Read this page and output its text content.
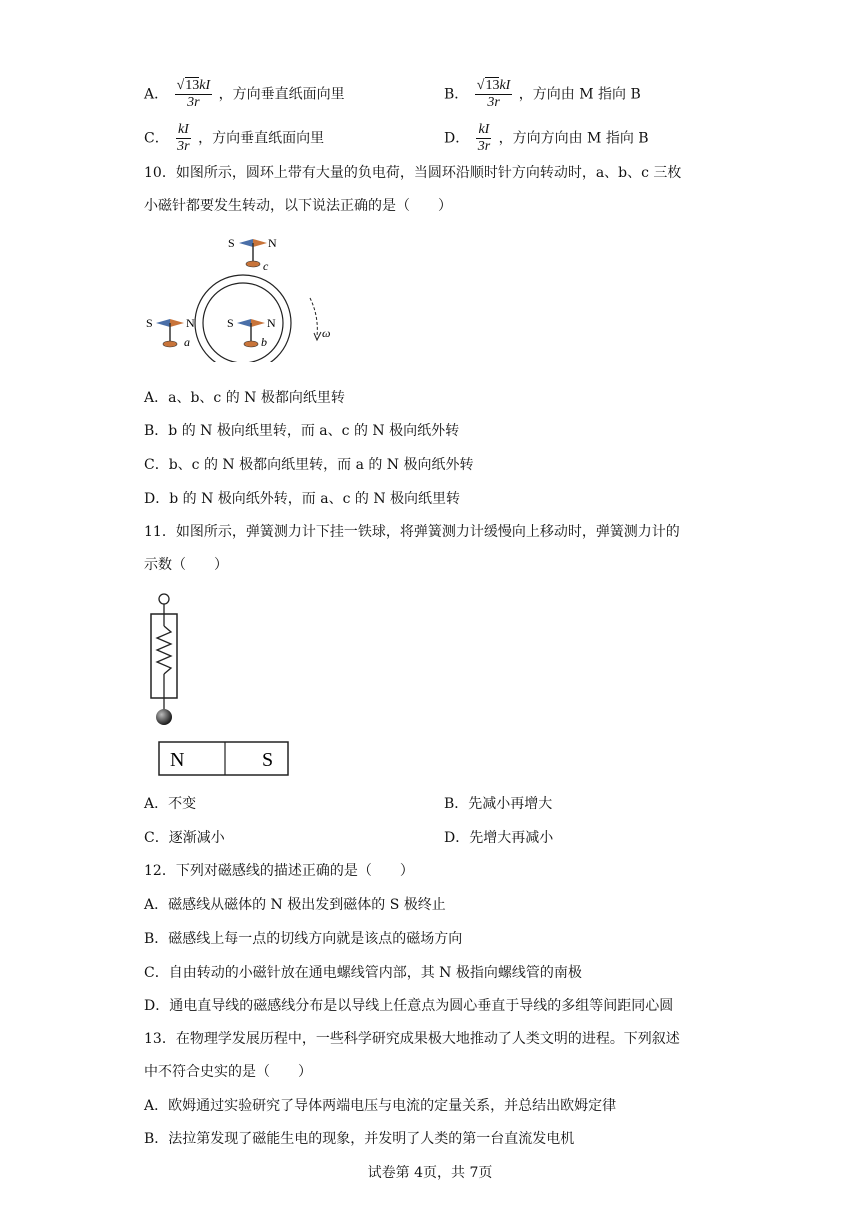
A． $\frac{√13kI}{3r}$ ，方向垂直纸面向里	B． $\frac{√13kI}{3r}$ ，方向由 M 指向 B
C． $\frac{kI}{3r}$ ，方向垂直纸面向里	D． $\frac{kI}{3r}$ ，方向方向由 M 指向 B
10．如图所示，圆环上带有大量的负电荷，当圆环沿顺时针方向转动时，a、b、c 三枚
小磁针都要发生转动，以下说法正确的是（　　）
ω
S	N
c
S	N
a
S	N
b
A．a、b、c 的 N 极都向纸里转
B．b 的 N 极向纸里转，而 a、c 的 N 极向纸外转
C．b、c 的 N 极都向纸里转，而 a 的 N 极向纸外转
D．b 的 N 极向纸外转，而 a、c 的 N 极向纸里转
11．如图所示，弹簧测力计下挂一铁球，将弹簧测力计缓慢向上移动时，弹簧测力计的
示数（　　）
N	S
A．不变	B．先减小再增大
C．逐渐减小	D．先增大再减小
12．下列对磁感线的描述正确的是（　　）
A．磁感线从磁体的 N 极出发到磁体的 S 极终止
B．磁感线上每一点的切线方向就是该点的磁场方向
C．自由转动的小磁针放在通电螺线管内部，其 N 极指向螺线管的南极
D．通电直导线的磁感线分布是以导线上任意点为圆心垂直于导线的多组等间距同心圆
13．在物理学发展历程中，一些科学研究成果极大地推动了人类文明的进程。下列叙述
中不符合史实的是（　　）
A．欧姆通过实验研究了导体两端电压与电流的定量关系，并总结出欧姆定律
B．法拉第发现了磁能生电的现象，并发明了人类的第一台直流发电机
试卷第 4页，共 7页
